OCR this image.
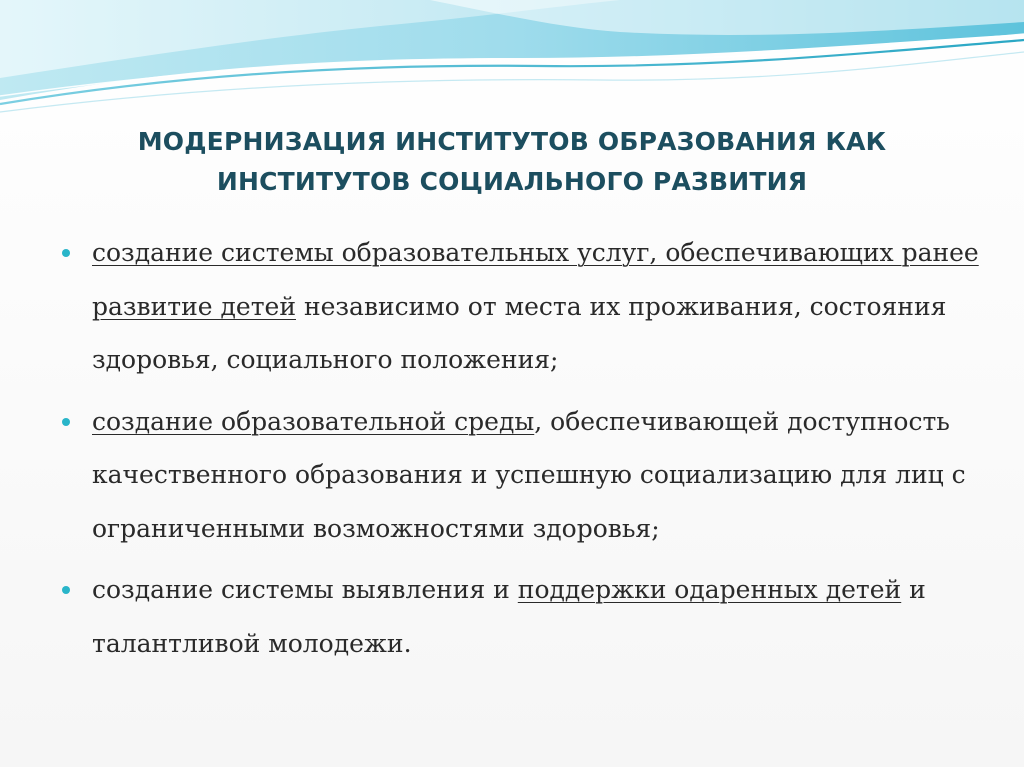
МОДЕРНИЗАЦИЯ ИНСТИТУТОВ ОБРАЗОВАНИЯ КАК
ИНСТИТУТОВ СОЦИАЛЬНОГО РАЗВИТИЯ
создание системы образовательных услуг, обеспечивающих ранее развитие детей независимо от места их проживания, состояния здоровья, социального положения;
создание образовательной среды, обеспечивающей доступность качественного образования и успешную социализацию для лиц с ограниченными возможностями здоровья;
создание системы выявления и поддержки одаренных детей и талантливой молодежи.
